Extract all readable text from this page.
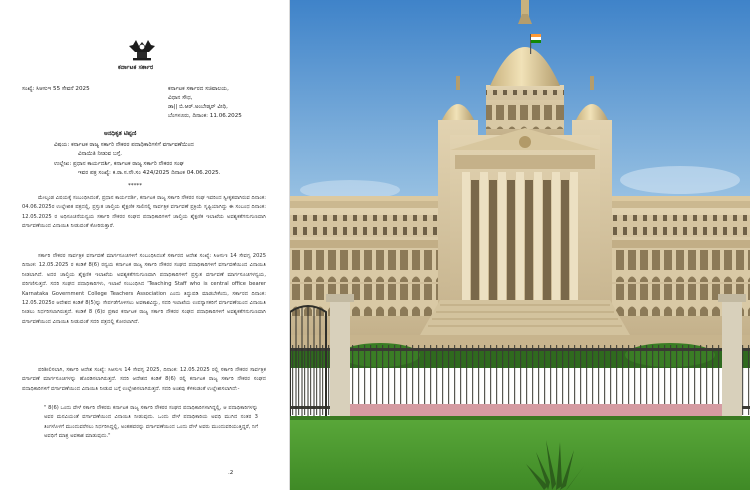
ಕರ್ನಾಟಕ ಸರ್ಕಾರ
ಸಂಖ್ಯೆ: ಸಿಆಸುಇ 55 ಸೇವನೆ 2025	ಕರ್ನಾಟಕ ಸರ್ಕಾರದ ಸಚಿವಾಲಯ,
ವಿಧಾನ ಸೌಧ,
ಡಾ|| ಬಿ.ಆರ್.ಅಂಬೇಡ್ಕರ್ ವೀಧಿ,
ಬೆಂಗಳೂರು, ದಿನಾಂಕ: 11.06.2025
ಅನಧಿಕೃತ ಟಿಪ್ಪಣಿ
ವಿಷಯ: ಕರ್ನಾಟಕ ರಾಜ್ಯ ಸರ್ಕಾರಿ ನೌಕರರ ಪದಾಧಿಕಾರಿಗಳಿಗೆ ವರ್ಗಾವಣೆಯಿಂದ
ವಿನಾಯಿತಿ ನೀಡುವ ಬಗ್ಗೆ.
ಉಲ್ಲೇಖ: ಪ್ರಧಾನ ಕಾರ್ಯದರ್ಶಿ, ಕರ್ನಾಟಕ ರಾಜ್ಯ ಸರ್ಕಾರಿ ನೌಕರರ ಸಂಘ
ಇವರ ಪತ್ರ ಸಂಖ್ಯೆ: ಕ.ರಾ.ಸ.ನೌ.ಸಂ 424/2025 ದಿನಾಂಕ 04.06.2025.
*****
ಮೇಲ್ಕಂಡ ವಿಷಯಕ್ಕೆ ಸಂಬಂಧಿಸಿದಂತೆ, ಪ್ರಧಾನ ಕಾರ್ಯದರ್ಶಿ, ಕರ್ನಾಟಕ ರಾಜ್ಯ ಸರ್ಕಾರಿ ನೌಕರರ ಸಂಘ ಇವರಿಂದ ಸ್ವೀಕೃತವಾಗಿರುವ ದಿನಾಂಕ: 04.06.2025ರ ಉಲ್ಲೇಖಿತ ಪತ್ರದಲ್ಲಿ, ಪ್ರಸ್ತುತ ಚಾಲ್ತಿಯ ಶೈಕ್ಷಣಿಕ ಸಾಲಿನಲ್ಲಿ ಸಾರ್ವತ್ರಿಕ ವರ್ಗಾವಣೆ ಪ್ರಕ್ರಿಯೆ ಸೃಷ್ಟಿಯಾಗಿದ್ದು ಈ ಸಂಬಂಧ ದಿನಾಂಕ: 12.05.2025 ರ ಅಧಿಸೂಚನೆಯನ್ವಯ ಸರ್ಕಾರಿ ನೌಕರರ ಸಂಘದ ಪದಾಧಿಕಾರಿಗಳಿಗೆ ಚಾಲ್ತಿಯ ಶೈಕ್ಷಣಿಕ ಇಲಾಖೆಯ ಅವಶ್ಯಕತೆಗನುಗುಣವಾಗಿ ವರ್ಗಾವಣೆಯಿಂದ ವಿನಾಯಿತಿ ನೀಡುವಂತೆ ಕೋರಿರುತ್ತಾರೆ.
ಸರ್ಕಾರಿ ನೌಕರರ ಸಾರ್ವತ್ರಿಕ ವರ್ಗಾವಣೆ ಮಾರ್ಗಸೂಚಿಗಳಿಗೆ ಸಂಬಂಧಿಸಿದಂತೆ ಸರ್ಕಾರದ ಆದೇಶ ಸಂಖ್ಯೆ: ಸಿಆಸುಇ 14 ಸೇವಗ್ಸ 2025 ದಿನಾಂಕ: 12.05.2025 ರ ಕಂಡಿಕೆ 8(6) ರನ್ವಯ ಕರ್ನಾಟಕ ರಾಜ್ಯ ಸರ್ಕಾರಿ ನೌಕರರ ಸಂಘದ ಪದಾಧಿಕಾರಿಗಳಿಗೆ ವರ್ಗಾವಣೆಯಿಂದ ವಿನಾಯಿತಿ ನೀಡಲಾಗಿದೆ. ಅದರ ಚಾಲ್ತಿಯ ಶೈಕ್ಷಣಿಕ ಇಲಾಖೆಯ ಅವಶ್ಯಕತೆಗನುಗುಣವಾಗಿ ಪದಾಧಿಕಾರಿಗಳಿಗೆ ಪ್ರಸ್ತುತ ವರ್ಗಾವಣೆ ಮಾರ್ಗಸೂಚಿಗಳನ್ವಯ, ಪರಿಗಣಿಸುತ್ತದೆ. ಸದರಿ ಸಂಘದ ಪದಾಧಿಕಾರಿಗಳು, ಇಲಾಖೆ ಸಂಬಂಧಿಸಿದ 'Teaching Staff who is central office bearer Karnataka Government College Teachers Association ಎಂದು ತಿದ್ದುಪಡಿ ಮಾಡಬೇಕೆಂದು, ಸರ್ಕಾರದ ದಿನಾಂಕ: 12.05.2025ರ ಆದೇಶದ ಕಂಡಿಕೆ 8(5)ನ್ನು ಸೇರ್ಪಡೆಗೊಳಿಸಲು ಅವಕಾಶವಿದ್ದು, ಸದರಿ ಇಲಾಖೆಯ ಉಪನ್ಯಾಸಕರಿಗೆ ವರ್ಗಾವಣೆಯಿಂದ ವಿನಾಯಿತಿ ನೀಡಲು ನಿರ್ಧರಿಸಲಾಗಿರುತ್ತದೆ. ಕಂಡಿಕೆ 8 (6)ರ ಪ್ರಕಾರ ಕರ್ನಾಟಕ ರಾಜ್ಯ ಸರ್ಕಾರಿ ನೌಕರರ ಸಂಘದ ಪದಾಧಿಕಾರಿಗಳಿಗೆ ಅವಶ್ಯಕತೆಗನುಗುಣವಾಗಿ ವರ್ಗಾವಣೆಯಿಂದ ವಿನಾಯಿತಿ ನೀಡುವಂತೆ ಸದರಿ ಪತ್ರದಲ್ಲಿ ಕೋರಲಾಗಿದೆ.
ಪರಿಶೀಲಿಸಲಾಗಿ, ಸರ್ಕಾರಿ ಆದೇಶ ಸಂಖ್ಯೆ: ಸಿಆಸುಇ 14 ಸೇವಗ್ಸ 2025, ದಿನಾಂಕ: 12.05.2025 ರಲ್ಲಿ ಸರ್ಕಾರಿ ನೌಕರರ ಸಾರ್ವತ್ರಿಕ ವರ್ಗಾವಣೆ ಮಾರ್ಗಸೂಚಿಗಳನ್ನು ಹೊರಡಿಸಲಾಗಿರುತ್ತದೆ. ಸದರಿ ಆದೇಶದ ಕಂಡಿಕೆ 8(6) ರಲ್ಲಿ ಕರ್ನಾಟಕ ರಾಜ್ಯ ಸರ್ಕಾರಿ ನೌಕರರ ಸಂಘದ ಪದಾಧಿಕಾರಿಗಳಿಗೆ ವರ್ಗಾವಣೆಯಿಂದ ವಿನಾಯಿತಿ ನೀಡುವ ಬಗ್ಗೆ ಉಲ್ಲೇಖಿಸಲಾಗಿರುತ್ತದೆ. ಸದರಿ ಅಂಶವು ಕೆಳಕಂಡಂತೆ ಉಲ್ಲೇಖಿಸಲಾಗಿದೆ:-
" 8(6) ಒಂದು ವೇಳೆ ಸರ್ಕಾರಿ ನೌಕರರು ಕರ್ನಾಟಕ ರಾಜ್ಯ ಸರ್ಕಾರಿ ನೌಕರರ ಸಂಘದ ಪದಾಧಿಕಾರಿಗಳಾಗಿದ್ದಲ್ಲಿ, ಆ ಪದಾಧಿಕಾರಿಗಳನ್ನು ಅವರ ಮನವಿಯಂತೆ ವರ್ಗಾವಣೆಯಿಂದ ವಿನಾಯಿತಿ ನೀಡುವುದು. ಒಂದು ವೇಳೆ ಪದಾಧಿಕಾರಿಯ ಅವಧಿ ಮುಗಿದ ನಂತರ 3 ತಿಂಗಳೊಳಗೆ ಮುಂದುವರೆಸಲು ನಿರ್ಧರಿಸಿದ್ದಲ್ಲಿ, ಅಂತಹವರನ್ನು ವರ್ಗಾವಣೆಯಿಂದ ಒಂದು ವೇಳೆ ಅವರು ಮುಂದುವರಿಯುತ್ತಿದ್ದರೆ, ನಿಗೆ ಅವಧಿಗೆ ಮಾತ್ರ ಅವಕಾಶ ಮಾಡುವುದು."
.2
